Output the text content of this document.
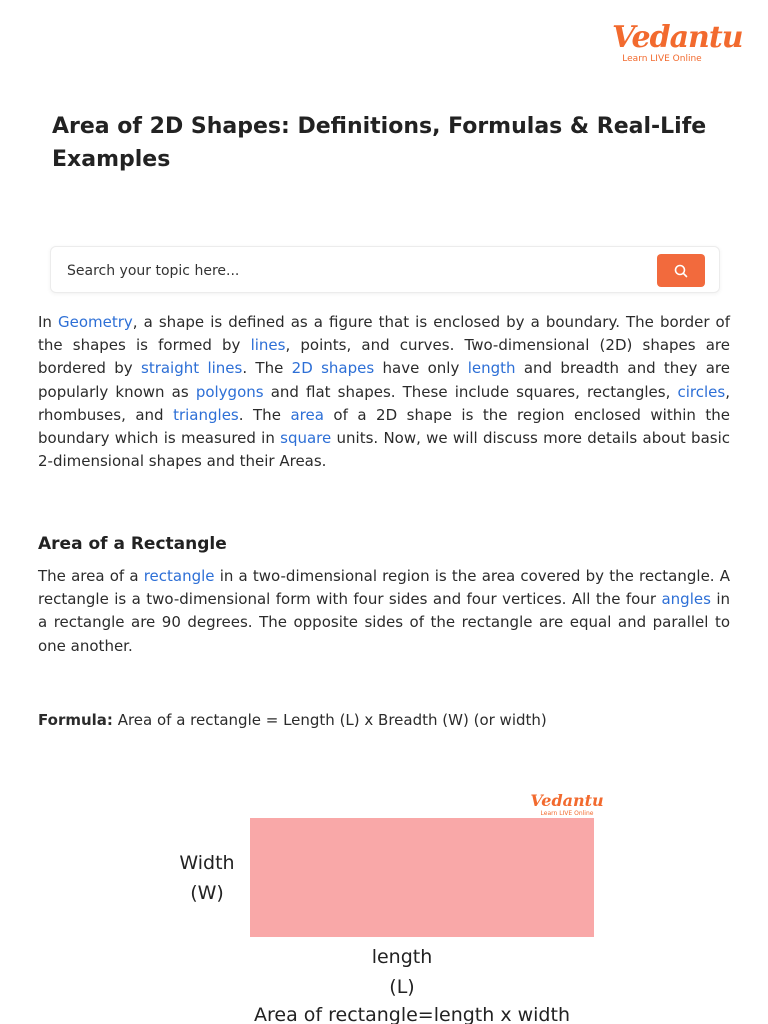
Vedantu
Learn LIVE Online
Area of 2D Shapes: Definitions, Formulas & Real-Life Examples
Search your topic here...

In Geometry, a shape is defined as a figure that is enclosed by a boundary. The border of the shapes is formed by lines, points, and curves. Two-dimensional (2D) shapes are bordered by straight lines. The 2D shapes have only length and breadth and they are popularly known as polygons and flat shapes. These include squares, rectangles, circles, rhombuses, and triangles. The area of a 2D shape is the region enclosed within the boundary which is measured in square units. Now, we will discuss more details about basic 2-dimensional shapes and their Areas.

Area of a Rectangle

The area of a rectangle in a two-dimensional region is the area covered by the rectangle. A rectangle is a two-dimensional form with four sides and four vertices. All the four angles in a rectangle are 90 degrees. The opposite sides of the rectangle are equal and parallel to one another.

Formula: Area of a rectangle = Length (L) x Breadth (W) (or width)
Vedantu
Learn LIVE Online
Width
(W)
length
(L)
Area of rectangle=length x width
